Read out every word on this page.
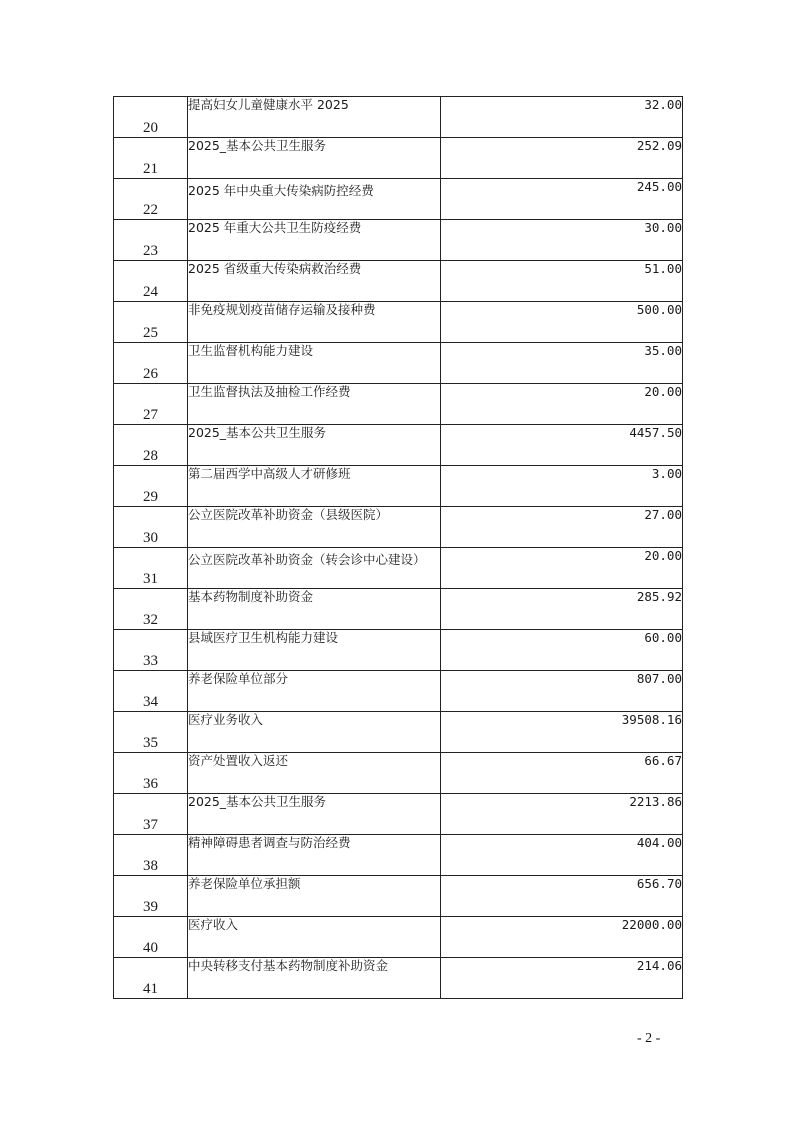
20	提高妇女儿童健康水平 2025	32.00
21	2025_基本公共卫生服务	252.09
22	2025 年中央重大传染病防控经费	245.00
23	2025 年重大公共卫生防疫经费	30.00
24	2025 省级重大传染病救治经费	51.00
25	非免疫规划疫苗储存运输及接种费	500.00
26	卫生监督机构能力建设	35.00
27	卫生监督执法及抽检工作经费	20.00
28	2025_基本公共卫生服务	4457.50
29	第二届西学中高级人才研修班	3.00
30	公立医院改革补助资金（县级医院）	27.00
31	公立医院改革补助资金（转会诊中心建设）	20.00
32	基本药物制度补助资金	285.92
33	县域医疗卫生机构能力建设	60.00
34	养老保险单位部分	807.00
35	医疗业务收入	39508.16
36	资产处置收入返还	66.67
37	2025_基本公共卫生服务	2213.86
38	精神障碍患者调查与防治经费	404.00
39	养老保险单位承担额	656.70
40	医疗收入	22000.00
41	中央转移支付基本药物制度补助资金	214.06
- 2 -
